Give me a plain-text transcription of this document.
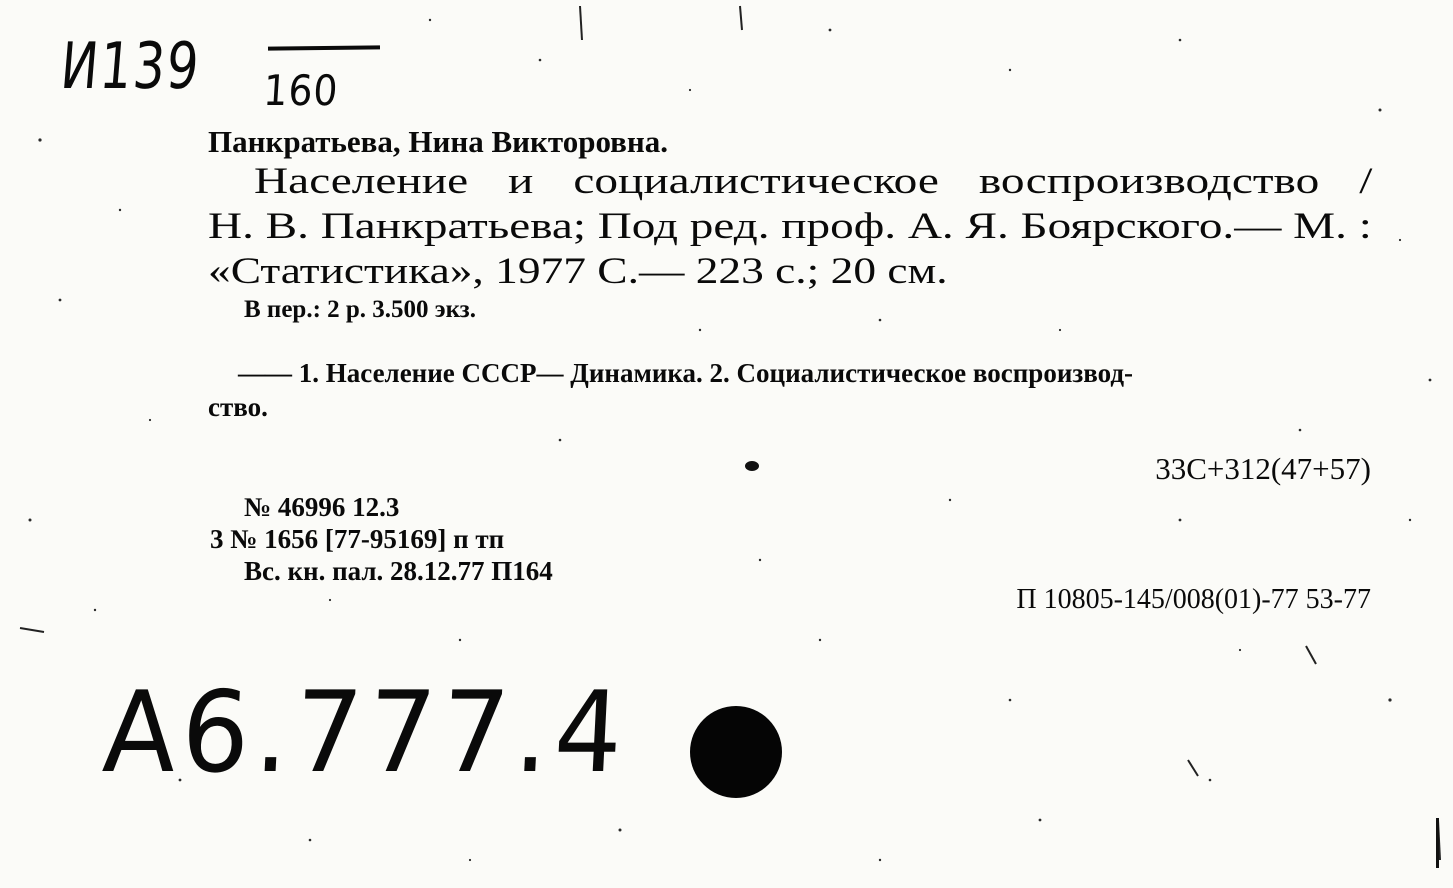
И139 160
Панкратьева, Нина Викторовна.
Население и социалистическое воспроизводство /
Н. В. Панкратьева; Под ред. проф. А. Я. Боярского.— М. :
«Статистика», 1977 С.— 223 с.; 20 см.
В пер.: 2 р. 3.500 экз.
—— 1. Население СССР— Динамика. 2. Социалистическое воспроизвод-
ство.
33С+312(47+57)
№ 46996 12.3
3 № 1656 [77-95169] п тп
Вс. кн. пал. 28.12.77 П164
П 10805-145/008(01)-77 53-77
А6.777.4
